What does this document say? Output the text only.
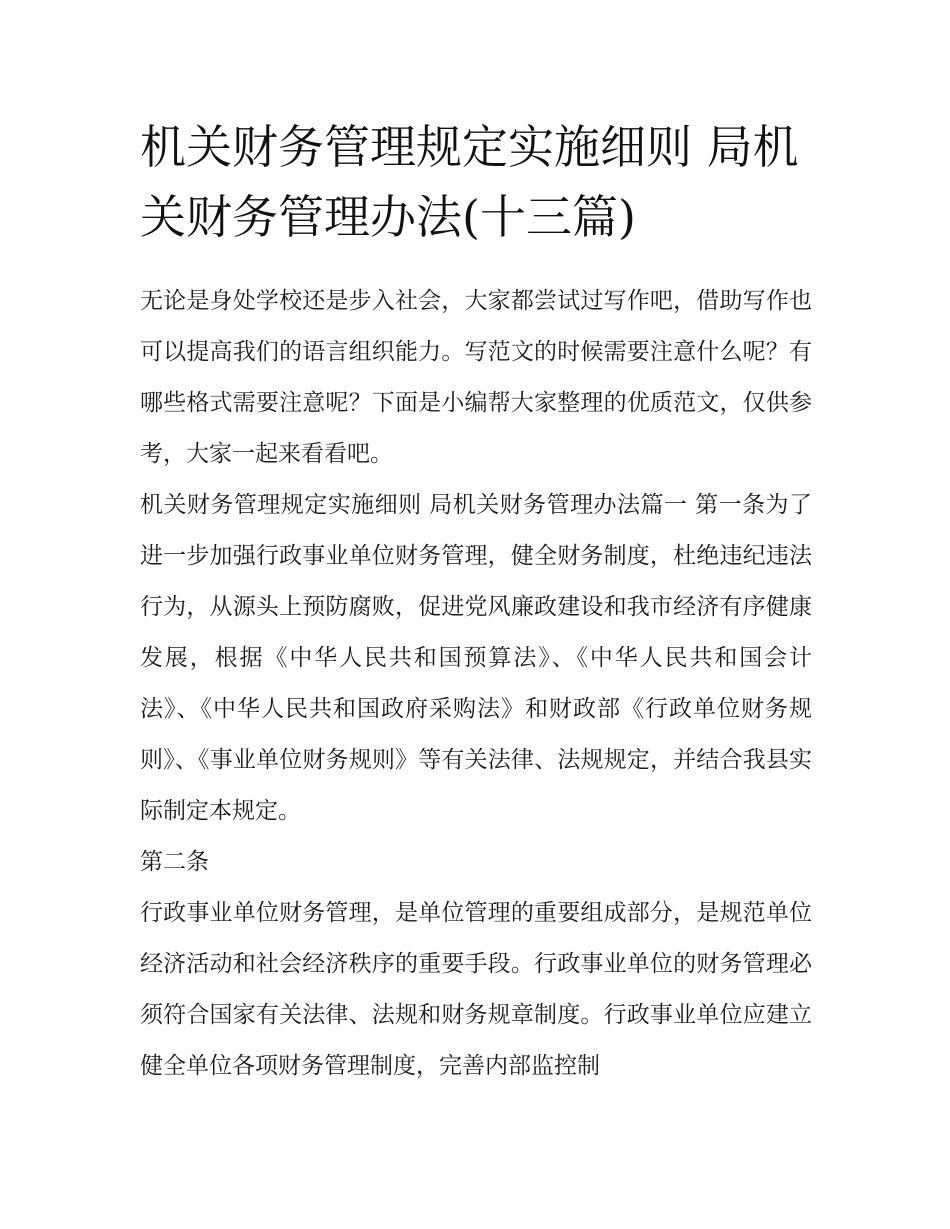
机关财务管理规定实施细则 局机关财务管理办法(十三篇)

无论是身处学校还是步入社会，大家都尝试过写作吧，借助写作也可以提高我们的语言组织能力。写范文的时候需要注意什么呢？有哪些格式需要注意呢？下面是小编帮大家整理的优质范文，仅供参考，大家一起来看看吧。

机关财务管理规定实施细则 局机关财务管理办法篇一 第一条为了进一步加强行政事业单位财务管理，健全财务制度，杜绝违纪违法行为，从源头上预防腐败，促进党风廉政建设和我市经济有序健康发展，根据《中华人民共和国预算法》、《中华人民共和国会计法》、《中华人民共和国政府采购法》和财政部《行政单位财务规则》、《事业单位财务规则》等有关法律、法规规定，并结合我县实际制定本规定。

第二条

行政事业单位财务管理，是单位管理的重要组成部分，是规范单位经济活动和社会经济秩序的重要手段。行政事业单位的财务管理必须符合国家有关法律、法规和财务规章制度。行政事业单位应建立健全单位各项财务管理制度，完善内部监控制
